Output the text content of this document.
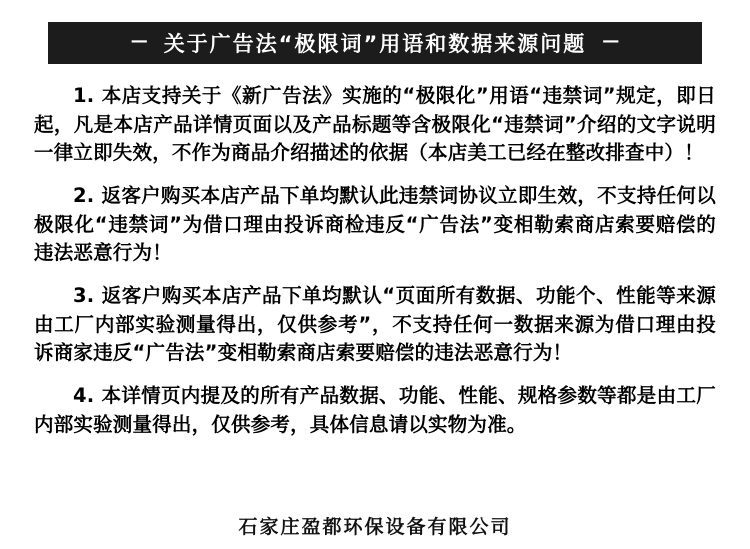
— 关于广告法“极限词”用语和数据来源问题 —

1. 本店支持关于《新广告法》实施的“极限化”用语“违禁词”规定，即日起，凡是本店产品详情页面以及产品标题等含极限化“违禁词”介绍的文字说明一律立即失效，不作为商品介绍描述的依据（本店美工已经在整改排查中）！

2. 返客户购买本店产品下单均默认此违禁词协议立即生效，不支持任何以极限化“违禁词”为借口理由投诉商检违反“广告法”变相勒索商店索要赔偿的违法恶意行为！

3. 返客户购买本店产品下单均默认“页面所有数据、功能个、性能等来源由工厂内部实验测量得出，仅供参考”，不支持任何一数据来源为借口理由投诉商家违反“广告法”变相勒索商店索要赔偿的违法恶意行为！

4. 本详情页内提及的所有产品数据、功能、性能、规格参数等都是由工厂内部实验测量得出，仅供参考，具体信息请以实物为准。

石家庄盈都环保设备有限公司
